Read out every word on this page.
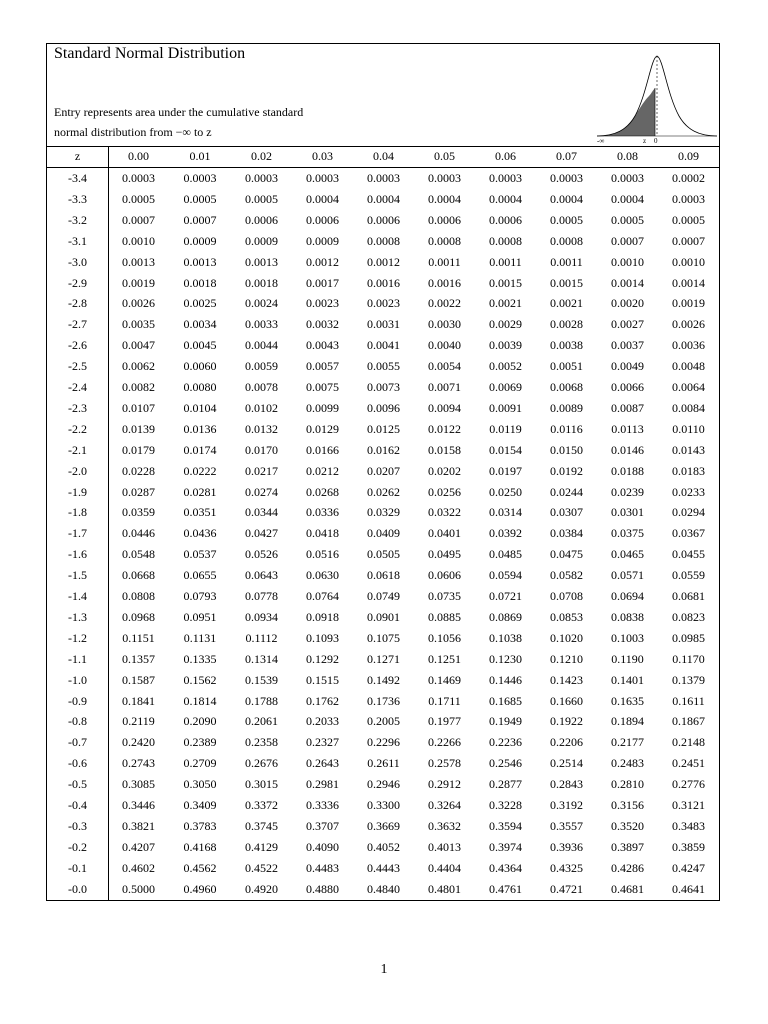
Standard Normal Distribution
Entry represents area under the cumulative standard
normal distribution from −∞ to z
-∞	z 0
z	0.00	0.01	0.02	0.03	0.04	0.05	0.06	0.07	0.08	0.09
-3.4	0.0003	0.0003	0.0003	0.0003	0.0003	0.0003	0.0003	0.0003	0.0003	0.0002
-3.3	0.0005	0.0005	0.0005	0.0004	0.0004	0.0004	0.0004	0.0004	0.0004	0.0003
-3.2	0.0007	0.0007	0.0006	0.0006	0.0006	0.0006	0.0006	0.0005	0.0005	0.0005
-3.1	0.0010	0.0009	0.0009	0.0009	0.0008	0.0008	0.0008	0.0008	0.0007	0.0007
-3.0	0.0013	0.0013	0.0013	0.0012	0.0012	0.0011	0.0011	0.0011	0.0010	0.0010
-2.9	0.0019	0.0018	0.0018	0.0017	0.0016	0.0016	0.0015	0.0015	0.0014	0.0014
-2.8	0.0026	0.0025	0.0024	0.0023	0.0023	0.0022	0.0021	0.0021	0.0020	0.0019
-2.7	0.0035	0.0034	0.0033	0.0032	0.0031	0.0030	0.0029	0.0028	0.0027	0.0026
-2.6	0.0047	0.0045	0.0044	0.0043	0.0041	0.0040	0.0039	0.0038	0.0037	0.0036
-2.5	0.0062	0.0060	0.0059	0.0057	0.0055	0.0054	0.0052	0.0051	0.0049	0.0048
-2.4	0.0082	0.0080	0.0078	0.0075	0.0073	0.0071	0.0069	0.0068	0.0066	0.0064
-2.3	0.0107	0.0104	0.0102	0.0099	0.0096	0.0094	0.0091	0.0089	0.0087	0.0084
-2.2	0.0139	0.0136	0.0132	0.0129	0.0125	0.0122	0.0119	0.0116	0.0113	0.0110
-2.1	0.0179	0.0174	0.0170	0.0166	0.0162	0.0158	0.0154	0.0150	0.0146	0.0143
-2.0	0.0228	0.0222	0.0217	0.0212	0.0207	0.0202	0.0197	0.0192	0.0188	0.0183
-1.9	0.0287	0.0281	0.0274	0.0268	0.0262	0.0256	0.0250	0.0244	0.0239	0.0233
-1.8	0.0359	0.0351	0.0344	0.0336	0.0329	0.0322	0.0314	0.0307	0.0301	0.0294
-1.7	0.0446	0.0436	0.0427	0.0418	0.0409	0.0401	0.0392	0.0384	0.0375	0.0367
-1.6	0.0548	0.0537	0.0526	0.0516	0.0505	0.0495	0.0485	0.0475	0.0465	0.0455
-1.5	0.0668	0.0655	0.0643	0.0630	0.0618	0.0606	0.0594	0.0582	0.0571	0.0559
-1.4	0.0808	0.0793	0.0778	0.0764	0.0749	0.0735	0.0721	0.0708	0.0694	0.0681
-1.3	0.0968	0.0951	0.0934	0.0918	0.0901	0.0885	0.0869	0.0853	0.0838	0.0823
-1.2	0.1151	0.1131	0.1112	0.1093	0.1075	0.1056	0.1038	0.1020	0.1003	0.0985
-1.1	0.1357	0.1335	0.1314	0.1292	0.1271	0.1251	0.1230	0.1210	0.1190	0.1170
-1.0	0.1587	0.1562	0.1539	0.1515	0.1492	0.1469	0.1446	0.1423	0.1401	0.1379
-0.9	0.1841	0.1814	0.1788	0.1762	0.1736	0.1711	0.1685	0.1660	0.1635	0.1611
-0.8	0.2119	0.2090	0.2061	0.2033	0.2005	0.1977	0.1949	0.1922	0.1894	0.1867
-0.7	0.2420	0.2389	0.2358	0.2327	0.2296	0.2266	0.2236	0.2206	0.2177	0.2148
-0.6	0.2743	0.2709	0.2676	0.2643	0.2611	0.2578	0.2546	0.2514	0.2483	0.2451
-0.5	0.3085	0.3050	0.3015	0.2981	0.2946	0.2912	0.2877	0.2843	0.2810	0.2776
-0.4	0.3446	0.3409	0.3372	0.3336	0.3300	0.3264	0.3228	0.3192	0.3156	0.3121
-0.3	0.3821	0.3783	0.3745	0.3707	0.3669	0.3632	0.3594	0.3557	0.3520	0.3483
-0.2	0.4207	0.4168	0.4129	0.4090	0.4052	0.4013	0.3974	0.3936	0.3897	0.3859
-0.1	0.4602	0.4562	0.4522	0.4483	0.4443	0.4404	0.4364	0.4325	0.4286	0.4247
-0.0	0.5000	0.4960	0.4920	0.4880	0.4840	0.4801	0.4761	0.4721	0.4681	0.4641
1
